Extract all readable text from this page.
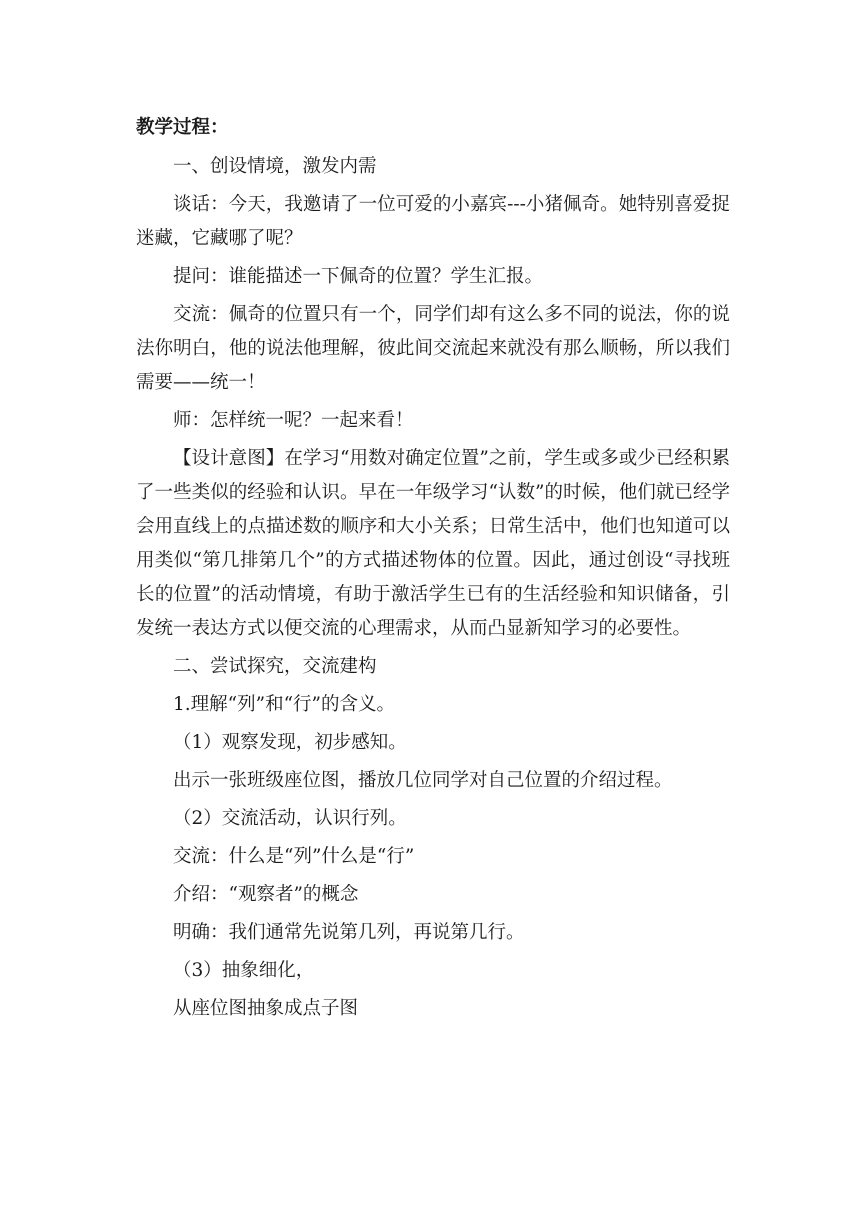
教学过程：

一、创设情境，激发内需

谈话：今天，我邀请了一位可爱的小嘉宾---小猪佩奇。她特别喜爱捉迷藏，它藏哪了呢？

提问：谁能描述一下佩奇的位置？学生汇报。

交流：佩奇的位置只有一个，同学们却有这么多不同的说法，你的说法你明白，他的说法他理解，彼此间交流起来就没有那么顺畅，所以我们需要——统一！

师：怎样统一呢？一起来看！

【设计意图】在学习“用数对确定位置”之前，学生或多或少已经积累了一些类似的经验和认识。早在一年级学习“认数”的时候，他们就已经学会用直线上的点描述数的顺序和大小关系；日常生活中，他们也知道可以用类似“第几排第几个”的方式描述物体的位置。因此，通过创设“寻找班长的位置”的活动情境，有助于激活学生已有的生活经验和知识储备，引发统一表达方式以便交流的心理需求，从而凸显新知学习的必要性。

二、尝试探究，交流建构

1.理解“列”和“行”的含义。

（1）观察发现，初步感知。

出示一张班级座位图，播放几位同学对自己位置的介绍过程。

（2）交流活动，认识行列。

交流：什么是“列”什么是“行”

介绍：“观察者”的概念

明确：我们通常先说第几列，再说第几行。

（3）抽象细化，

从座位图抽象成点子图
